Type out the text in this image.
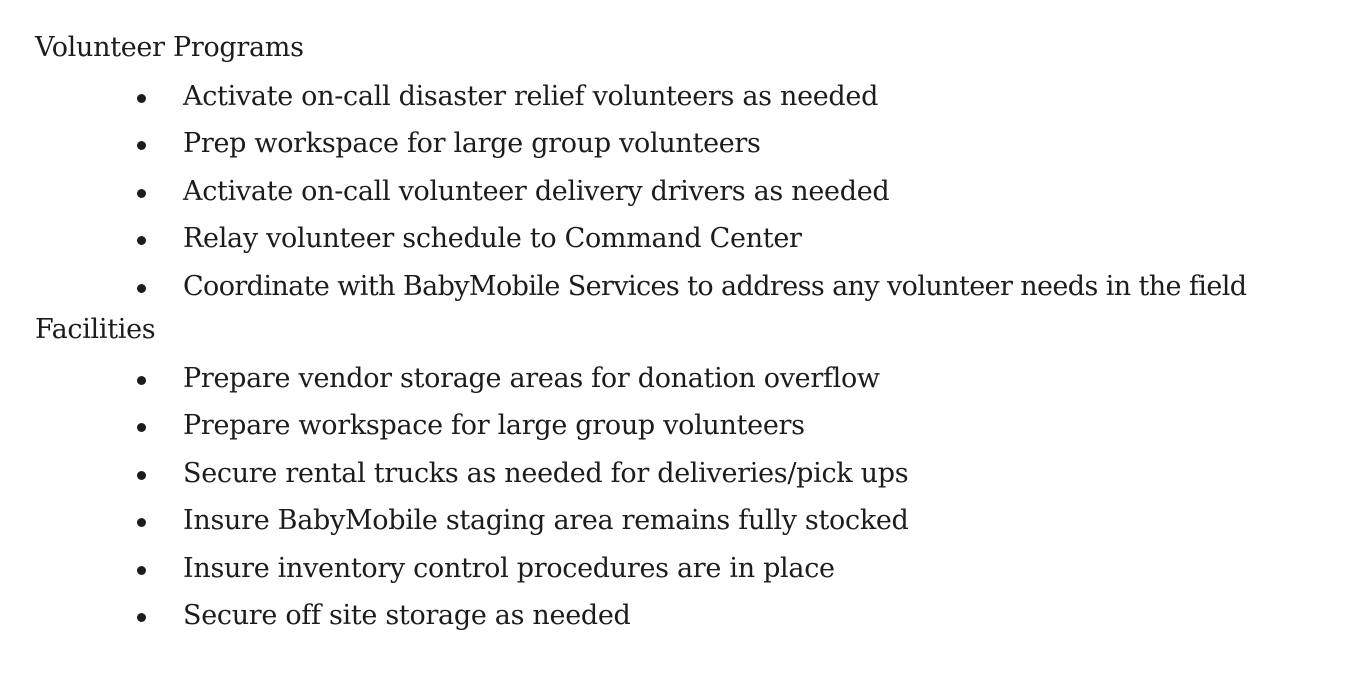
Volunteer Programs
Activate on-call disaster relief volunteers as needed
Prep workspace for large group volunteers
Activate on-call volunteer delivery drivers as needed
Relay volunteer schedule to Command Center
Coordinate with BabyMobile Services to address any volunteer needs in the field
Facilities
Prepare vendor storage areas for donation overflow
Prepare workspace for large group volunteers
Secure rental trucks as needed for deliveries/pick ups
Insure BabyMobile staging area remains fully stocked
Insure inventory control procedures are in place
Secure off site storage as needed
